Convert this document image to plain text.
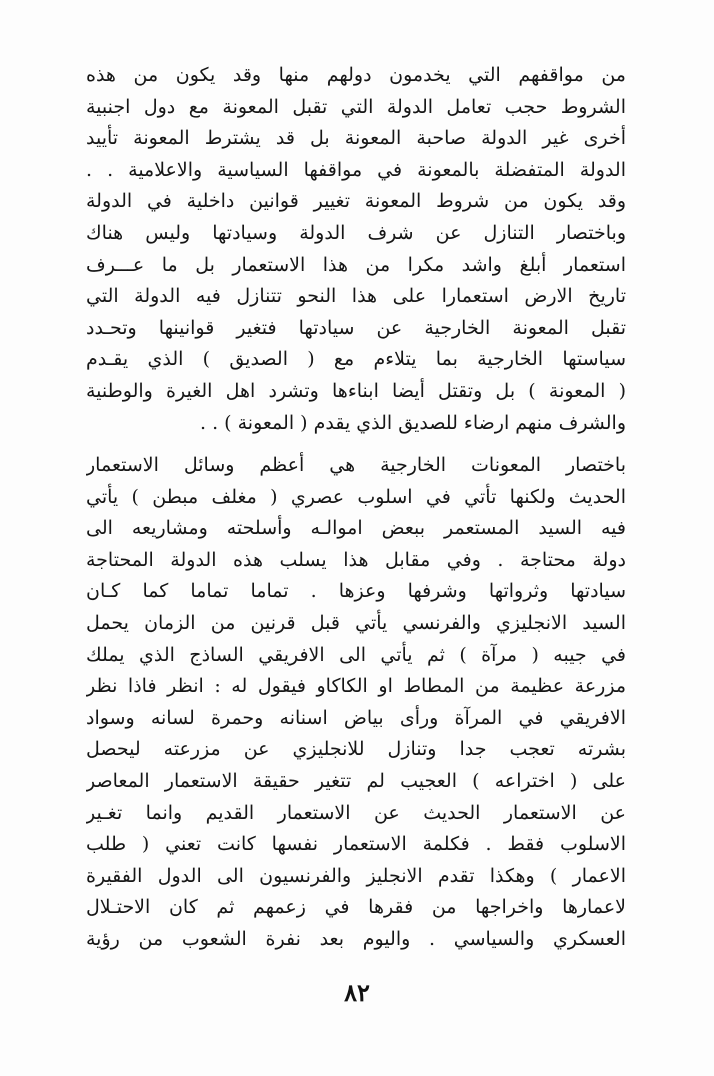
من مواقفهم التي يخدمون دولهم منها وقد يكون من هذه
الشروط حجب تعامل الدولة التي تقبل المعونة مع دول اجنبية
أخرى غير الدولة صاحبة المعونة بل قد يشترط المعونة تأييد
الدولة المتفضلة بالمعونة في مواقفها السياسية والاعلامية . .
وقد يكون من شروط المعونة تغيير قوانين داخلية في الدولة
وباختصار التنازل عن شرف الدولة وسيادتها وليس هناك
استعمار أبلغ واشد مكرا من هذا الاستعمار بل ما عـــرف
تاريخ الارض استعمارا على هذا النحو تتنازل فيه الدولة التي
تقبل المعونة الخارجية عن سيادتها فتغير قوانينها وتحـدد
سياستها الخارجية بما يتلاءم مع ( الصديق ) الذي يقـدم
( المعونة ) بل وتقتل أيضا ابناءها وتشرد اهل الغيرة والوطنية
والشرف منهم ارضاء للصديق الذي يقدم ( المعونة ) . .
باختصار المعونات الخارجية هي أعظم وسائل الاستعمار
الحديث ولكنها تأتي في اسلوب عصري ( مغلف مبطن ) يأتي
فيه السيد المستعمر ببعض اموالـه وأسلحته ومشاريعه الى
دولة محتاجة . وفي مقابل هذا يسلب هذه الدولة المحتاجة
سيادتها وثرواتها وشرفها وعزها . تماما تماما كما كـان
السيد الانجليزي والفرنسي يأتي قبل قرنين من الزمان يحمل
في جيبه ( مرآة ) ثم يأتي الى الافريقي الساذج الذي يملك
مزرعة عظيمة من المطاط او الكاكاو فيقول له : انظر فاذا نظر
الافريقي في المرآة ورأى بياض اسنانه وحمرة لسانه وسواد
بشرته تعجب جدا وتنازل للانجليزي عن مزرعته ليحصل
على ( اختراعه ) العجيب لم تتغير حقيقة الاستعمار المعاصر
عن الاستعمار الحديث عن الاستعمار القديم وانما تغـير
الاسلوب فقط . فكلمة الاستعمار نفسها كانت تعني ( طلب
الاعمار ) وهكذا تقدم الانجليز والفرنسيون الى الدول الفقيرة
لاعمارها واخراجها من فقرها في زعمهم ثم كان الاحتـلال
العسكري والسياسي . واليوم بعد نفرة الشعوب من رؤية
٨٢
